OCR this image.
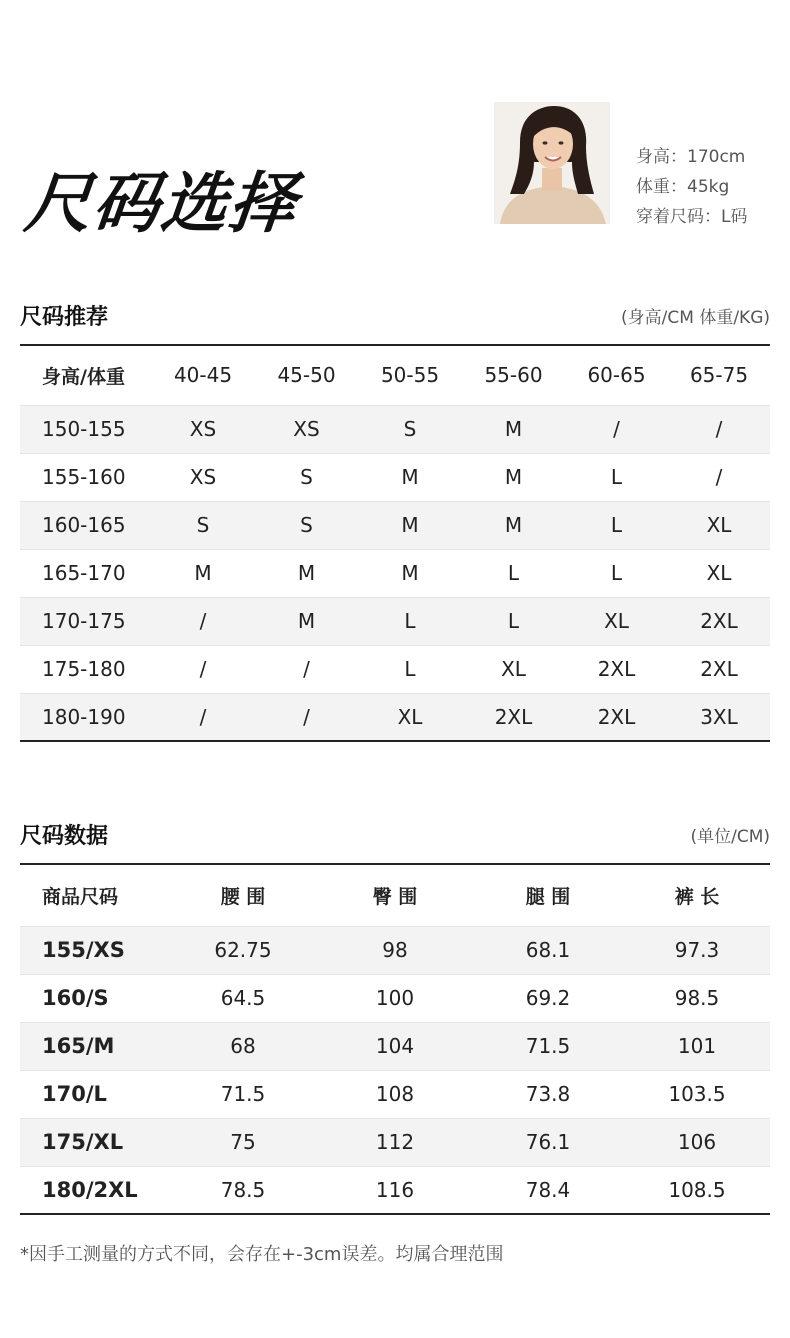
尺码选择
身高：170cm
体重：45kg
穿着尺码：L码
尺码推荐	(身高/CM 体重/KG)
身高/体重	40-45	45-50	50-55	55-60	60-65	65-75
150-155	XS	XS	S	M	/	/
155-160	XS	S	M	M	L	/
160-165	S	S	M	M	L	XL
165-170	M	M	M	L	L	XL
170-175	/	M	L	L	XL	2XL
175-180	/	/	L	XL	2XL	2XL
180-190	/	/	XL	2XL	2XL	3XL
尺码数据	(单位/CM)
商品尺码	腰 围	臀 围	腿 围	裤 长
155/XS	62.75	98	68.1	97.3
160/S	64.5	100	69.2	98.5
165/M	68	104	71.5	101
170/L	71.5	108	73.8	103.5
175/XL	75	112	76.1	106
180/2XL	78.5	116	78.4	108.5
*因手工测量的方式不同，会存在+-3cm误差。均属合理范围
